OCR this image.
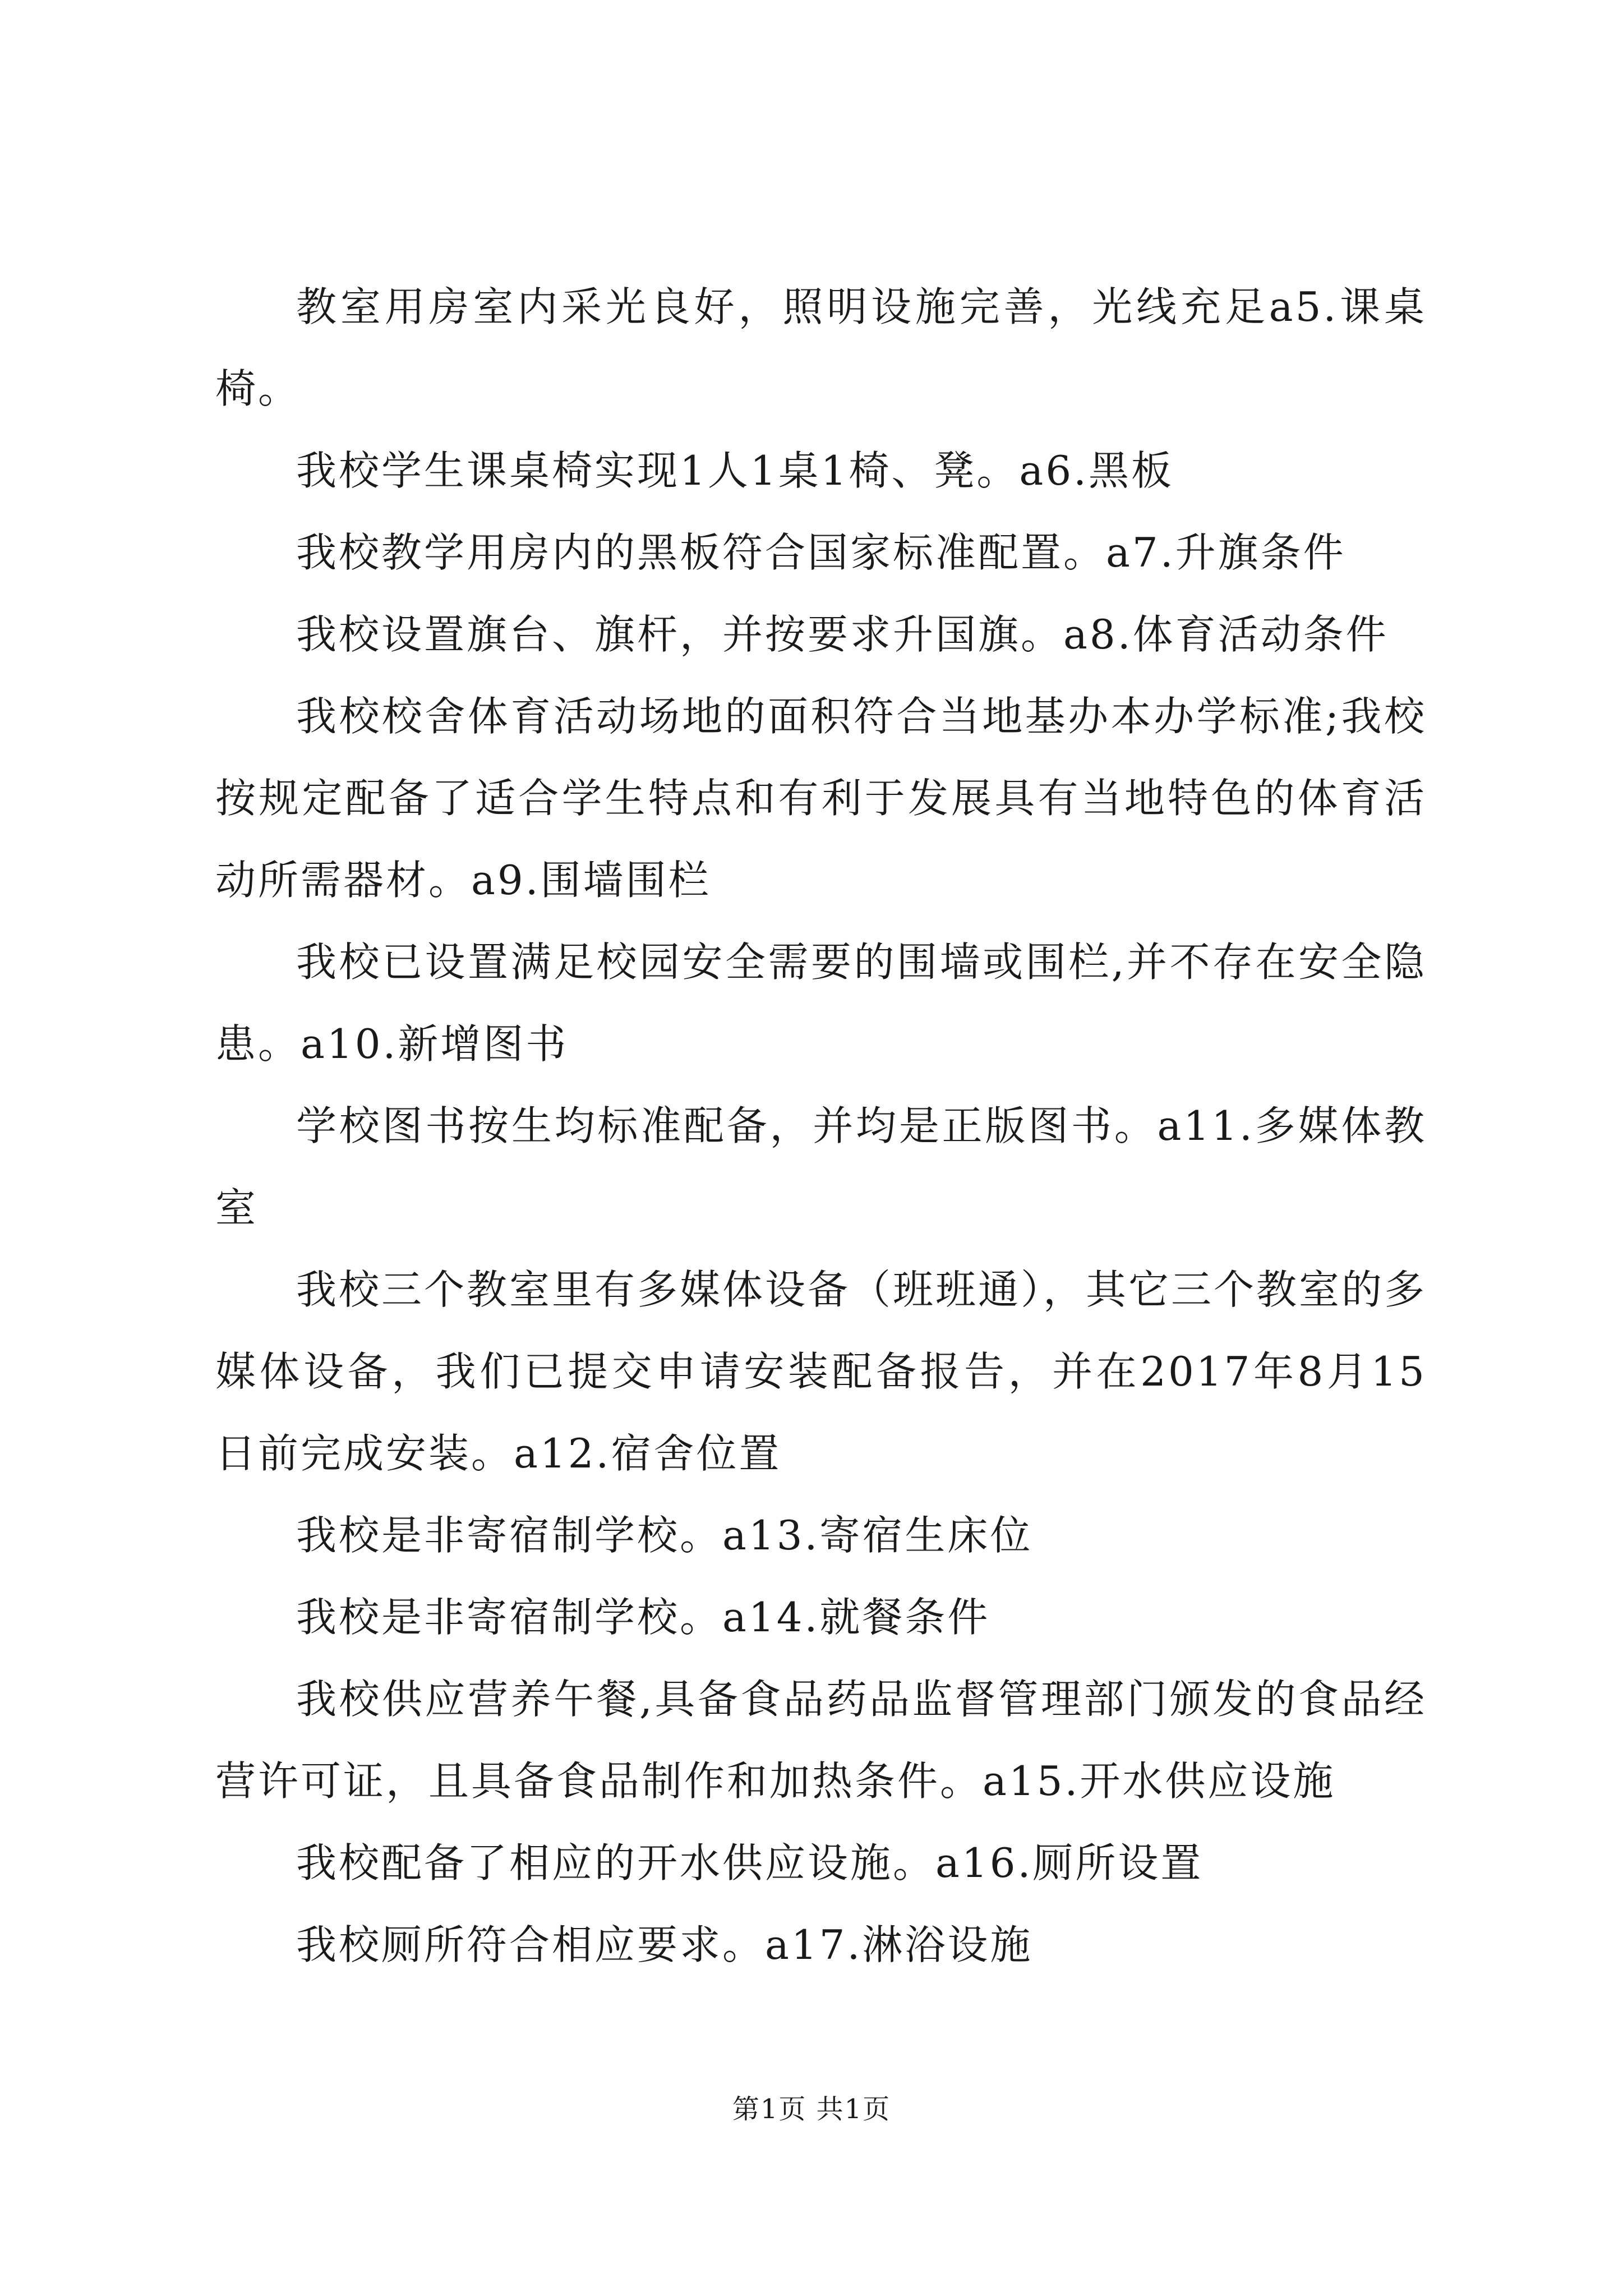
教室用房室内采光良好，照明设施完善，光线充足a5.课桌椅。

我校学生课桌椅实现1人1桌1椅、凳。a6.黑板

我校教学用房内的黑板符合国家标准配置。a7.升旗条件

我校设置旗台、旗杆，并按要求升国旗。a8.体育活动条件

我校校舍体育活动场地的面积符合当地基办本办学标准;我校按规定配备了适合学生特点和有利于发展具有当地特色的体育活动所需器材。a9.围墙围栏

我校已设置满足校园安全需要的围墙或围栏,并不存在安全隐患。a10.新增图书

学校图书按生均标准配备，并均是正版图书。a11.多媒体教室

我校三个教室里有多媒体设备（班班通），其它三个教室的多媒体设备，我们已提交申请安装配备报告，并在2017年8月15日前完成安装。a12.宿舍位置

我校是非寄宿制学校。a13.寄宿生床位

我校是非寄宿制学校。a14.就餐条件

我校供应营养午餐,具备食品药品监督管理部门颁发的食品经营许可证，且具备食品制作和加热条件。a15.开水供应设施

我校配备了相应的开水供应设施。a16.厕所设置

我校厕所符合相应要求。a17.淋浴设施

第1页 共1页
